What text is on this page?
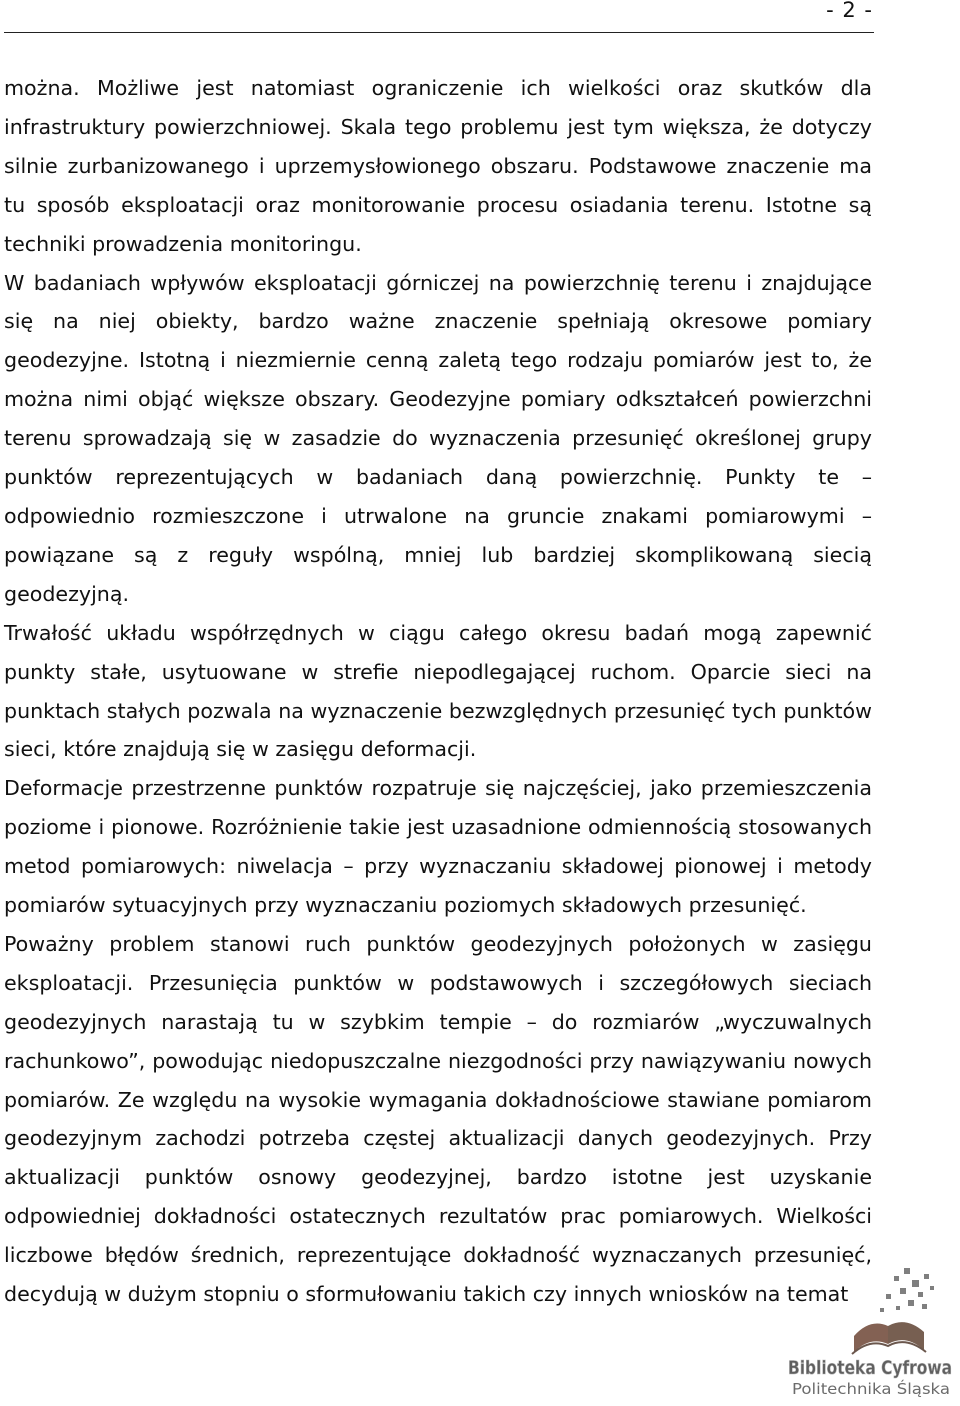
- 2 -

można. Możliwe jest natomiast ograniczenie ich wielkości oraz skutków dla infrastruktury powierzchniowej. Skala tego problemu jest tym większa, że dotyczy silnie zurbanizowanego i uprzemysłowionego obszaru. Podstawowe znaczenie ma tu sposób eksploatacji oraz monitorowanie procesu osiadania terenu. Istotne są techniki prowadzenia monitoringu.

W badaniach wpływów eksploatacji górniczej na powierzchnię terenu i znajdujące się na niej obiekty, bardzo ważne znaczenie spełniają okresowe pomiary geodezyjne. Istotną i niezmiernie cenną zaletą tego rodzaju pomiarów jest to, że można nimi objąć większe obszary. Geodezyjne pomiary odkształceń powierzchni terenu sprowadzają się w zasadzie do wyznaczenia przesunięć określonej grupy punktów reprezentujących w badaniach daną powierzchnię. Punkty te – odpowiednio rozmieszczone i utrwalone na gruncie znakami pomiarowymi – powiązane są z reguły wspólną, mniej lub bardziej skomplikowaną siecią geodezyjną.

Trwałość układu współrzędnych w ciągu całego okresu badań mogą zapewnić punkty stałe, usytuowane w strefie niepodlegającej ruchom. Oparcie sieci na punktach stałych pozwala na wyznaczenie bezwzględnych przesunięć tych punktów sieci, które znajdują się w zasięgu deformacji.

Deformacje przestrzenne punktów rozpatruje się najczęściej, jako przemieszczenia poziome i pionowe. Rozróżnienie takie jest uzasadnione odmiennością stosowanych metod pomiarowych: niwelacja – przy wyznaczaniu składowej pionowej i metody pomiarów sytuacyjnych przy wyznaczaniu poziomych składowych przesunięć.

Poważny problem stanowi ruch punktów geodezyjnych położonych w zasięgu eksploatacji. Przesunięcia punktów w podstawowych i szczegółowych sieciach geodezyjnych narastają tu w szybkim tempie – do rozmiarów „wyczuwalnych rachunkowo”, powodując niedopuszczalne niezgodności przy nawiązywaniu nowych pomiarów. Ze względu na wysokie wymagania dokładnościowe stawiane pomiarom geodezyjnym zachodzi potrzeba częstej aktualizacji danych geodezyjnych. Przy aktualizacji punktów osnowy geodezyjnej, bardzo istotne jest uzyskanie odpowiedniej dokładności ostatecznych rezultatów prac pomiarowych. Wielkości liczbowe błędów średnich, reprezentujące dokładność wyznaczanych przesunięć, decydują w dużym stopniu o sformułowaniu takich czy innych wniosków na temat

Biblioteka Cyfrowa
Politechnika Śląska
